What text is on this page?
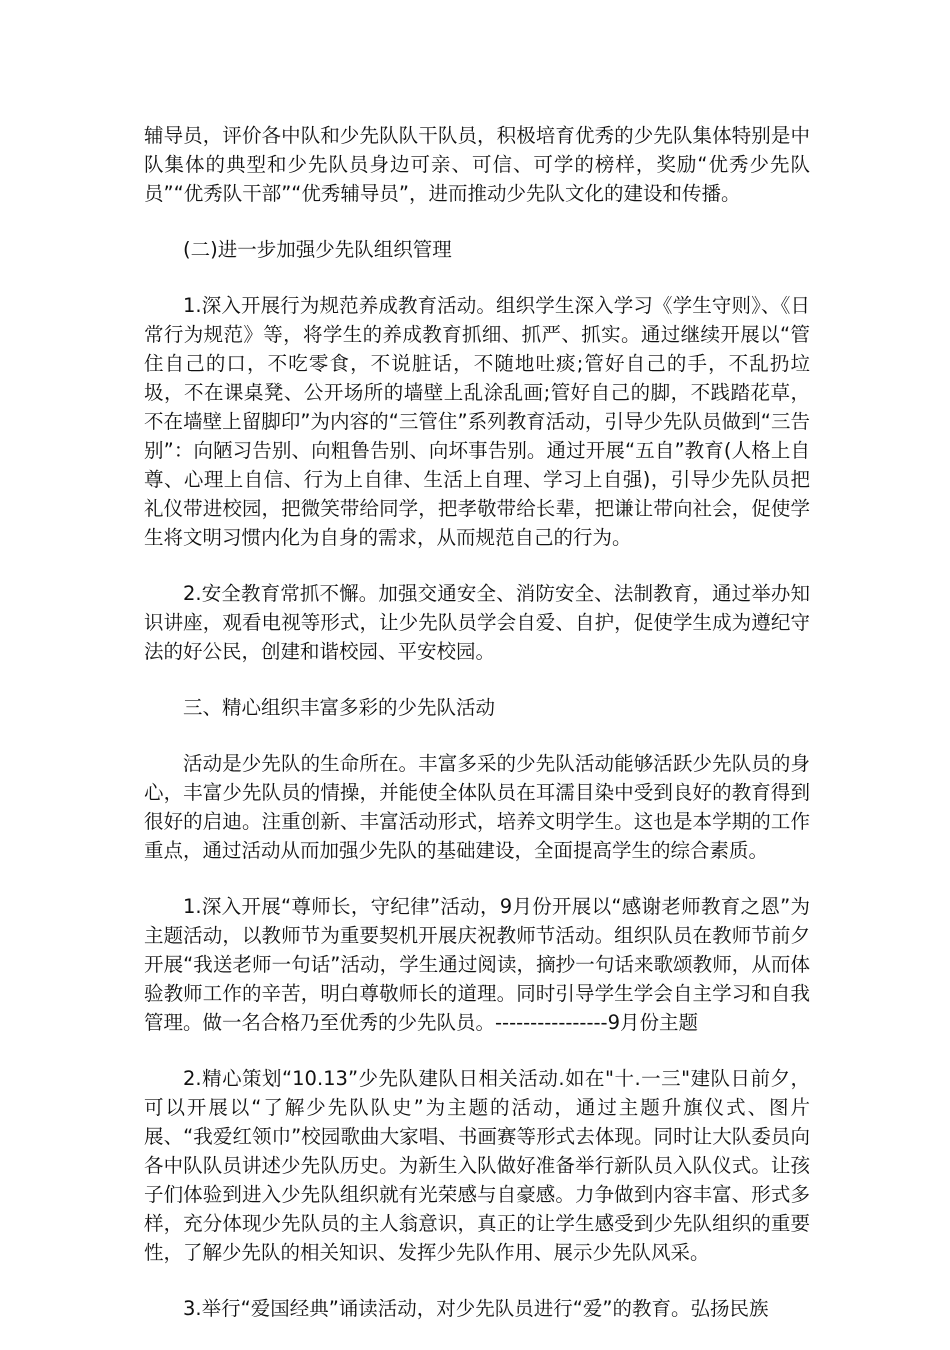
辅导员，评价各中队和少先队队干队员，积极培育优秀的少先队集体特别是中队集体的典型和少先队员身边可亲、可信、可学的榜样，奖励“优秀少先队员”“优秀队干部”“优秀辅导员”，进而推动少先队文化的建设和传播。

(二)进一步加强少先队组织管理

1.深入开展行为规范养成教育活动。组织学生深入学习《学生守则》、《日常行为规范》等，将学生的养成教育抓细、抓严、抓实。通过继续开展以“管住自己的口，不吃零食，不说脏话，不随地吐痰;管好自己的手，不乱扔垃圾，不在课桌凳、公开场所的墙壁上乱涂乱画;管好自己的脚，不践踏花草，不在墙壁上留脚印”为内容的“三管住”系列教育活动，引导少先队员做到“三告别”：向陋习告别、向粗鲁告别、向坏事告别。通过开展“五自”教育(人格上自尊、心理上自信、行为上自律、生活上自理、学习上自强)，引导少先队员把礼仪带进校园，把微笑带给同学，把孝敬带给长辈，把谦让带向社会，促使学生将文明习惯内化为自身的需求，从而规范自己的行为。

2.安全教育常抓不懈。加强交通安全、消防安全、法制教育，通过举办知识讲座，观看电视等形式，让少先队员学会自爱、自护，促使学生成为遵纪守法的好公民，创建和谐校园、平安校园。

三、精心组织丰富多彩的少先队活动

活动是少先队的生命所在。丰富多采的少先队活动能够活跃少先队员的身心，丰富少先队员的情操，并能使全体队员在耳濡目染中受到良好的教育得到很好的启迪。注重创新、丰富活动形式，培养文明学生。这也是本学期的工作重点，通过活动从而加强少先队的基础建设，全面提高学生的综合素质。

1.深入开展“尊师长，守纪律”活动，9月份开展以“感谢老师教育之恩”为主题活动，以教师节为重要契机开展庆祝教师节活动。组织队员在教师节前夕开展“我送老师一句话”活动，学生通过阅读，摘抄一句话来歌颂教师，从而体验教师工作的辛苦，明白尊敬师长的道理。同时引导学生学会自主学习和自我管理。做一名合格乃至优秀的少先队员。----------------9月份主题

2.精心策划“10.13”少先队建队日相关活动.如在"十.一三"建队日前夕，可以开展以“了解少先队队史”为主题的活动，通过主题升旗仪式、图片展、“我爱红领巾”校园歌曲大家唱、书画赛等形式去体现。同时让大队委员向各中队队员讲述少先队历史。为新生入队做好准备举行新队员入队仪式。让孩子们体验到进入少先队组织就有光荣感与自豪感。力争做到内容丰富、形式多样，充分体现少先队员的主人翁意识，真正的让学生感受到少先队组织的重要性，了解少先队的相关知识、发挥少先队作用、展示少先队风采。

3.举行“爱国经典”诵读活动，对少先队员进行“爱”的教育。弘扬民族
